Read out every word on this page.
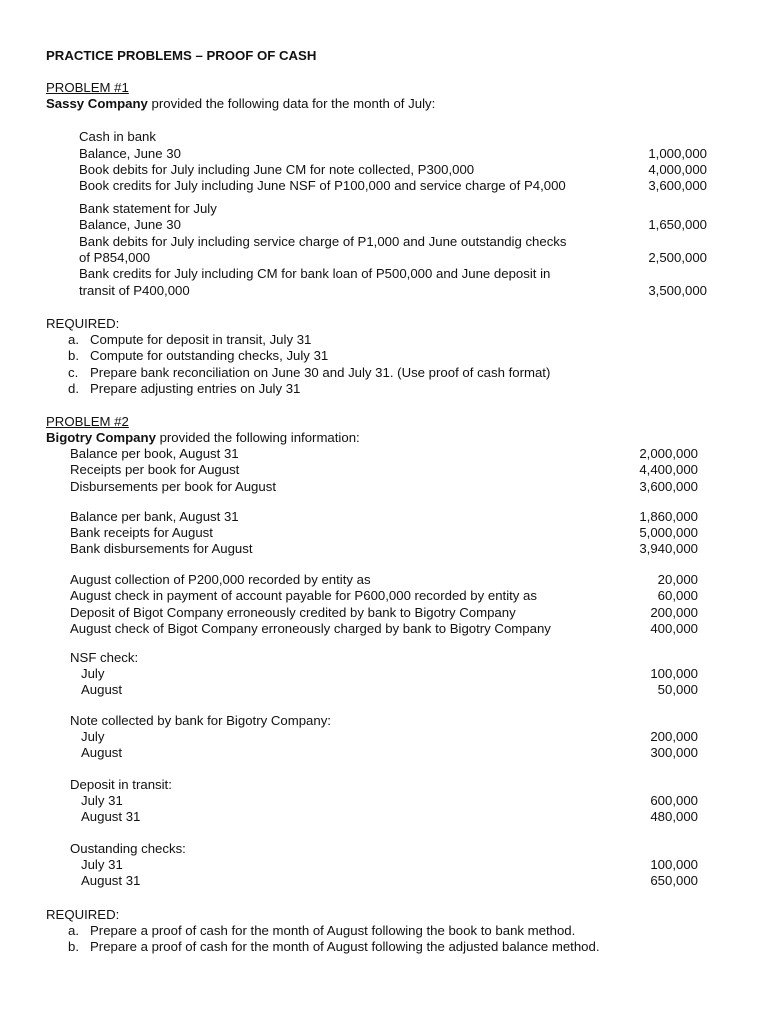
PRACTICE PROBLEMS – PROOF OF CASH
PROBLEM #1
Sassy Company provided the following data for the month of July:
Cash in bank
Balance, June 30	1,000,000
Book debits for July including June CM for note collected, P300,000	4,000,000
Book credits for July including June NSF of P100,000 and service charge of P4,000	3,600,000
Bank statement for July
Balance, June 30	1,650,000
Bank debits for July including service charge of P1,000 and June outstandig checks
of P854,000	2,500,000
Bank credits for July including CM for bank loan of P500,000 and June deposit in
transit of P400,000	3,500,000
REQUIRED:
a. Compute for deposit in transit, July 31
b. Compute for outstanding checks, July 31
c. Prepare bank reconciliation on June 30 and July 31. (Use proof of cash format)
d. Prepare adjusting entries on July 31
PROBLEM #2
Bigotry Company provided the following information:
Balance per book, August 31	2,000,000
Receipts per book for August	4,400,000
Disbursements per book for August	3,600,000
Balance per bank, August 31	1,860,000
Bank receipts for August	5,000,000
Bank disbursements for August	3,940,000
August collection of P200,000 recorded by entity as	20,000
August check in payment of account payable for P600,000 recorded by entity as	60,000
Deposit of Bigot Company erroneously credited by bank to Bigotry Company	200,000
August check of Bigot Company erroneously charged by bank to Bigotry Company	400,000
NSF check:
July	100,000
August	50,000
Note collected by bank for Bigotry Company:
July	200,000
August	300,000
Deposit in transit:
July 31	600,000
August 31	480,000
Oustanding checks:
July 31	100,000
August 31	650,000
REQUIRED:
a. Prepare a proof of cash for the month of August following the book to bank method.
b. Prepare a proof of cash for the month of August following the adjusted balance method.
